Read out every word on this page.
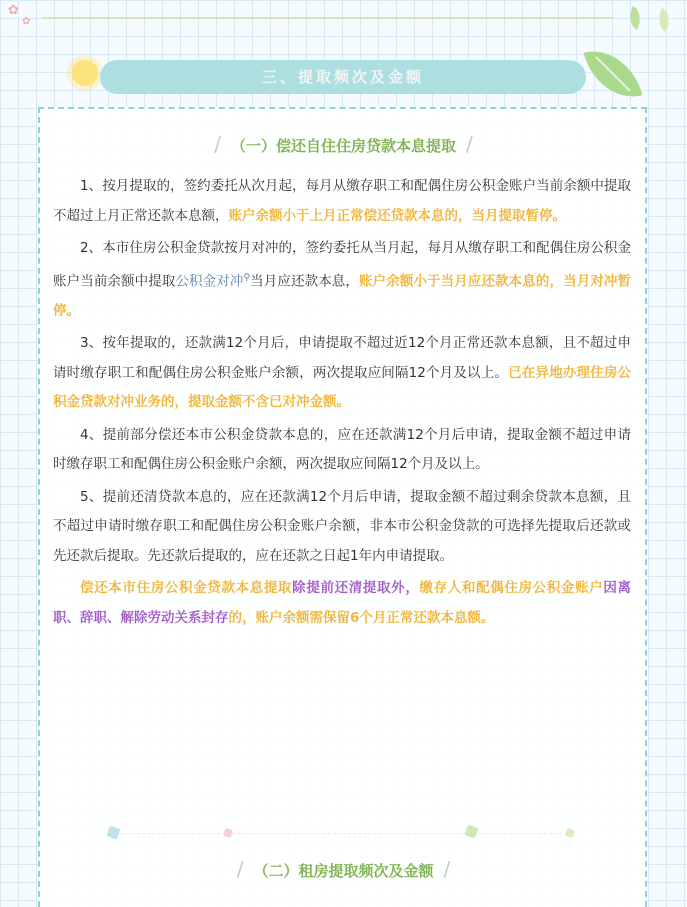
✿
✿
三、提取频次及金额
/ （一）偿还自住住房贷款本息提取 /

1、按月提取的，签约委托从次月起，每月从缴存职工和配偶住房公积金账户当前余额中提取不超过上月正常还款本息额，账户余额小于上月正常偿还贷款本息的，当月提取暂停。

2、本市住房公积金贷款按月对冲的，签约委托从当月起，每月从缴存职工和配偶住房公积金账户当前余额中提取公积金对冲⚲当月应还款本息，账户余额小于当月应还款本息的，当月对冲暂停。

3、按年提取的，还款满12个月后，申请提取不超过近12个月正常还款本息额，且不超过申请时缴存职工和配偶住房公积金账户余额，两次提取应间隔12个月及以上。已在异地办理住房公积金贷款对冲业务的，提取金额不含已对冲金额。

4、提前部分偿还本市公积金贷款本息的，应在还款满12个月后申请，提取金额不超过申请时缴存职工和配偶住房公积金账户余额，两次提取应间隔12个月及以上。

5、提前还清贷款本息的，应在还款满12个月后申请，提取金额不超过剩余贷款本息额，且不超过申请时缴存职工和配偶住房公积金账户余额，非本市公积金贷款的可选择先提取后还款或先还款后提取。先还款后提取的，应在还款之日起1年内申请提取。

偿还本市住房公积金贷款本息提取除提前还清提取外，缴存人和配偶住房公积金账户因离职、辞职、解除劳动关系封存的，账户余额需保留6个月正常还款本息额。

/ （二）租房提取频次及金额 /
